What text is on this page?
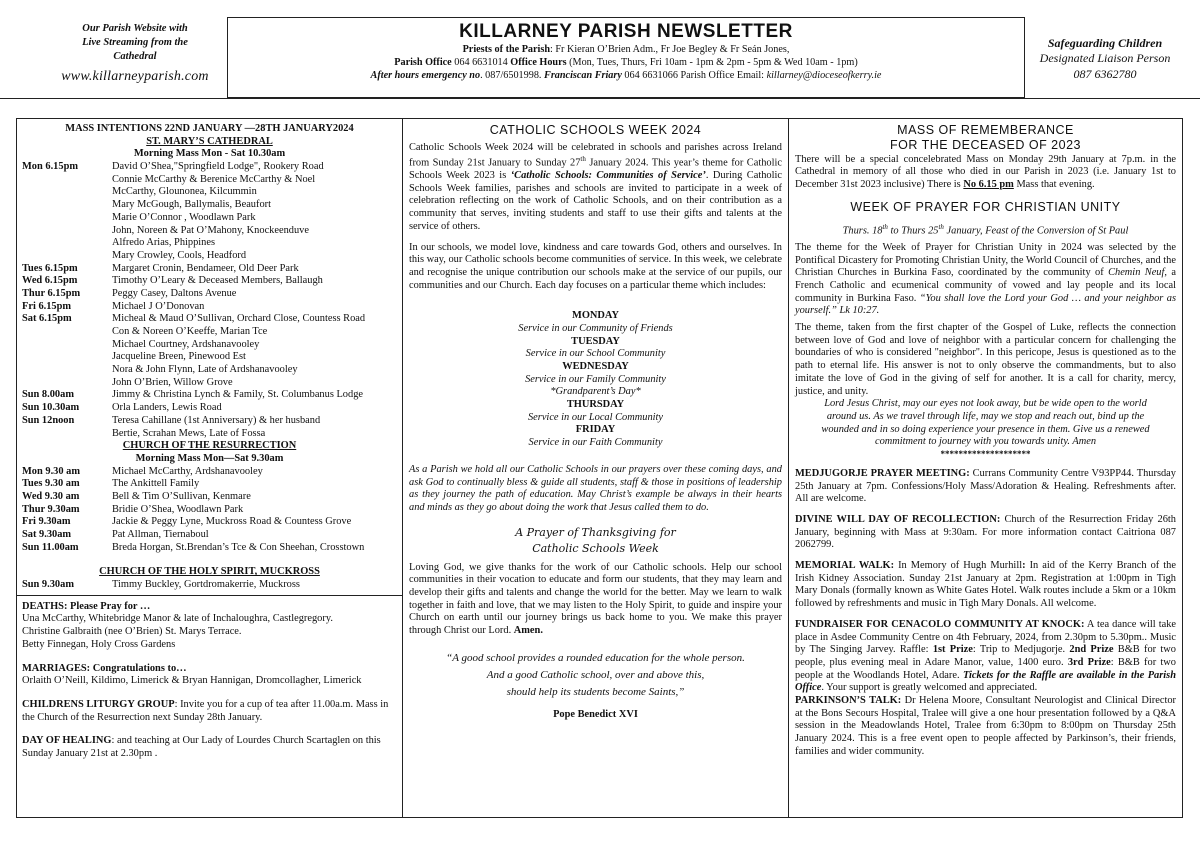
Our Parish Website with
Live Streaming from the
Cathedral
www.killarneyparish.com
KILLARNEY PARISH NEWSLETTER
Priests of the Parish: Fr Kieran O’Brien Adm., Fr Joe Begley & Fr Seán Jones,
Parish Office 064 6631014 Office Hours (Mon, Tues, Thurs, Fri 10am - 1pm & 2pm - 5pm & Wed 10am - 1pm)
After hours emergency no. 087/6501998. Franciscan Friary 064 6631066 Parish Office Email: killarney@dioceseofkerry.ie
Safeguarding Children
Designated Liaison Person
087 6362780
MASS INTENTIONS 22ND JANUARY —28TH JANUARY2024
ST. MARY’S CATHEDRAL
Morning Mass Mon - Sat 10.30am
Mon 6.15pm	David O’Shea,"Springfield Lodge", Rookery Road
Connie McCarthy & Berenice McCarthy & Noel
McCarthy, Glounonea, Kilcummin
Mary McGough, Ballymalis, Beaufort
Marie O’Connor , Woodlawn Park
John, Noreen & Pat O’Mahony, Knockeenduve
Alfredo Arias, Phippines
Mary Crowley, Cools, Headford
Tues 6.15pm	Margaret Cronin, Bendameer, Old Deer Park
Wed 6.15pm	Timothy O’Leary & Deceased Members, Ballaugh
Thur 6.15pm	Peggy Casey, Daltons Avenue
Fri 6.15pm	Michael J O’Donovan
Sat 6.15pm	Micheal & Maud O’Sullivan, Orchard Close, Countess Road
Con & Noreen O’Keeffe, Marian Tce
Michael Courtney, Ardshanavooley
Jacqueline Breen, Pinewood Est
Nora & John Flynn, Late of Ardshanavooley
John O’Brien, Willow Grove
Sun 8.00am	Jimmy & Christina Lynch & Family, St. Columbanus Lodge
Sun 10.30am	Orla Landers, Lewis Road
Sun 12noon	Teresa Cahillane (1st Anniversary) & her husband
Bertie, Scrahan Mews, Late of Fossa
CHURCH OF THE RESURRECTION
Morning Mass Mon—Sat 9.30am
Mon 9.30 am	Michael McCarthy, Ardshanavooley
Tues 9.30 am	The Ankittell Family
Wed 9.30 am	Bell & Tim O’Sullivan, Kenmare
Thur 9.30am	Bridie O’Shea, Woodlawn Park
Fri 9.30am	Jackie & Peggy Lyne, Muckross Road & Countess Grove
Sat 9.30am	Pat Allman, Tiernaboul
Sun 11.00am	Breda Horgan, St.Brendan’s Tce & Con Sheehan, Crosstown
CHURCH OF THE HOLY SPIRIT, MUCKROSS
Sun 9.30am	Timmy Buckley, Gortdromakerrie, Muckross
DEATHS: Please Pray for …
Una McCarthy, Whitebridge Manor & late of Inchaloughra, Castlegregory.
Christine Galbraith (nee O’Brien) St. Marys Terrace.
Betty Finnegan, Holy Cross Gardens
MARRIAGES: Congratulations to…
Orlaith O’Neill, Kildimo, Limerick & Bryan Hannigan, Dromcollagher, Limerick
CHILDRENS LITURGY GROUP: Invite you for a cup of tea after 11.00a.m. Mass in the Church of the Resurrection next Sunday 28th January.
DAY OF HEALING: and teaching at Our Lady of Lourdes Church Scartaglen on this Sunday January 21st at 2.30pm .
CATHOLIC SCHOOLS WEEK 2024
Catholic Schools Week 2024 will be celebrated in schools and parishes across Ireland from Sunday 21st January to Sunday 27th January 2024. This year’s theme for Catholic Schools Week 2023 is ‘Catholic Schools: Communities of Service’. During Catholic Schools Week families, parishes and schools are invited to participate in a week of celebration reflecting on the work of Catholic Schools, and on their contribution as a community that serves, inviting students and staff to use their gifts and talents at the service of others.
In our schools, we model love, kindness and care towards God, others and ourselves. In this way, our Catholic schools become communities of service. In this week, we celebrate and recognise the unique contribution our schools make at the service of our pupils, our communities and our Church. Each day focuses on a particular theme which includes:
MONDAY
Service in our Community of Friends
TUESDAY
Service in our School Community
WEDNESDAY
Service in our Family Community
*Grandparent’s Day*
THURSDAY
Service in our Local Community
FRIDAY
Service in our Faith Community
As a Parish we hold all our Catholic Schools in our prayers over these coming days, and ask God to continually bless & guide all students, staff & those in positions of leadership as they journey the path of education. May Christ’s example be always in their hearts and minds as they go about doing the work that Jesus called them to do.
A Prayer of Thanksgiving for
Catholic Schools Week
Loving God, we give thanks for the work of our Catholic schools. Help our school communities in their vocation to educate and form our students, that they may learn and develop their gifts and talents and change the world for the better. May we learn to walk together in faith and love, that we may listen to the Holy Spirit, to guide and inspire your Church on earth until our journey brings us back home to you. We make this prayer through Christ our Lord. Amen.
“A good school provides a rounded education for the whole person.
And a good Catholic school, over and above this,
should help its students become Saints,”
Pope Benedict XVI
MASS OF REMEMBERANCE
FOR THE DECEASED OF 2023
There will be a special concelebrated Mass on Monday 29th January at 7p.m. in the Cathedral in memory of all those who died in our Parish in 2023 (i.e. January 1st to December 31st 2023 inclusive) There is No 6.15 pm Mass that evening.
WEEK OF PRAYER FOR CHRISTIAN UNITY
Thurs. 18th to Thurs 25th January, Feast of the Conversion of St Paul
The theme for the Week of Prayer for Christian Unity in 2024 was selected by the Pontifical Dicastery for Promoting Christian Unity, the World Council of Churches, and the Christian Churches in Burkina Faso, coordinated by the community of Chemin Neuf, a French Catholic and ecumenical community of vowed and lay people and its local community in Burkina Faso. “You shall love the Lord your God … and your neighbor as yourself.” Lk 10:27.
The theme, taken from the first chapter of the Gospel of Luke, reflects the connection between love of God and love of neighbor with a particular concern for challenging the boundaries of who is considered "neighbor". In this pericope, Jesus is questioned as to the path to eternal life. His answer is not to only observe the commandments, but to also imitate the love of God in the giving of self for another. It is a call for charity, mercy, justice, and unity.
Lord Jesus Christ, may our eyes not look away, but be wide open to the world around us. As we travel through life, may we stop and reach out, bind up the wounded and in so doing experience your presence in them. Give us a renewed commitment to journey with you towards unity. Amen
********************
MEDJUGORJE PRAYER MEETING: Currans Community Centre V93PP44. Thursday 25th January at 7pm. Confessions/Holy Mass/Adoration & Healing. Refreshments after. All are welcome.
DIVINE WILL DAY OF RECOLLECTION: Church of the Resurrection Friday 26th January, beginning with Mass at 9:30am. For more information contact Caitriona 087 2062799.
MEMORIAL WALK: In Memory of Hugh Murhill: In aid of the Kerry Branch of the Irish Kidney Association. Sunday 21st January at 2pm. Registration at 1:00pm in Tigh Mary Donals (formally known as White Gates Hotel. Walk routes include a 5km or a 10km followed by refreshments and music in Tigh Mary Donals. All welcome.
FUNDRAISER FOR CENACOLO COMMUNITY AT KNOCK: A tea dance will take place in Asdee Community Centre on 4th February, 2024, from 2.30pm to 5.30pm.. Music by The Singing Jarvey. Raffle: 1st Prize: Trip to Medjugorje. 2nd Prize B&B for two people, plus evening meal in Adare Manor, value, 1400 euro. 3rd Prize: B&B for two people at the Woodlands Hotel, Adare. Tickets for the Raffle are available in the Parish Office. Your support is greatly welcomed and appreciated.
PARKINSON’S TALK: Dr Helena Moore, Consultant Neurologist and Clinical Director at the Bons Secours Hospital, Tralee will give a one hour presentation followed by a Q&A session in the Meadowlands Hotel, Tralee from 6:30pm to 8:00pm on Thursday 25th January 2024. This is a free event open to people affected by Parkinson’s, their friends, families and wider community.
